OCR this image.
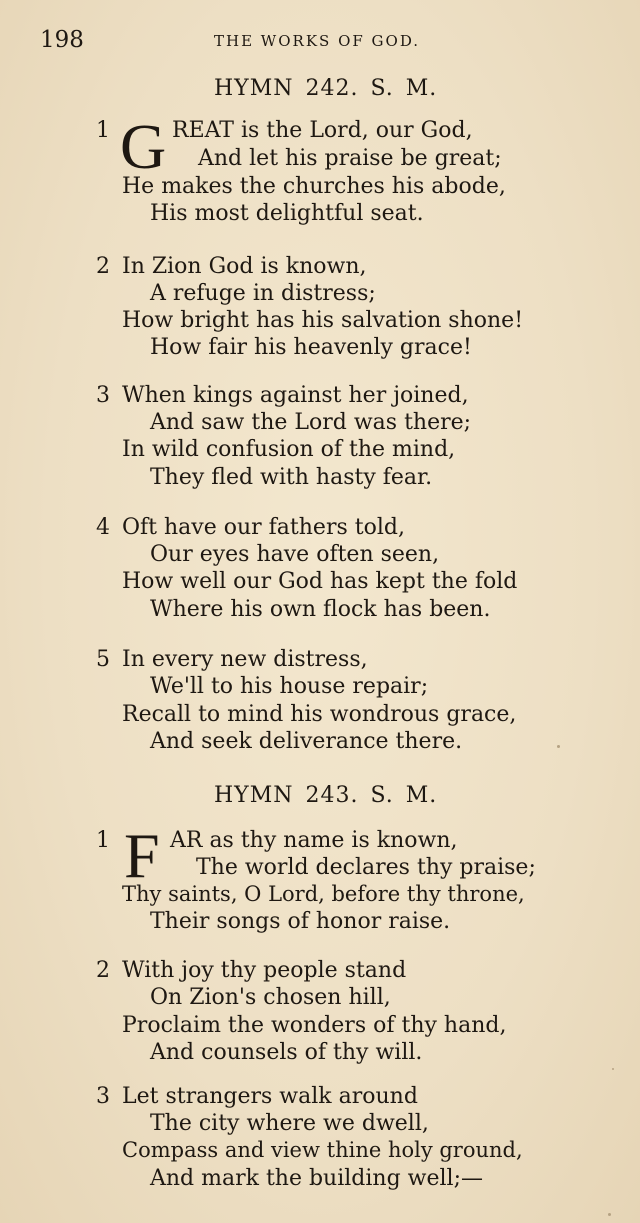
198	THE WORKS OF GOD.
HYMN 242. S. M.
1 G REAT is the Lord, our God,
And let his praise be great;
He makes the churches his abode,
His most delightful seat.
2 In Zion God is known,
A refuge in distress;
How bright has his salvation shone!
How fair his heavenly grace!
3 When kings against her joined,
And saw the Lord was there;
In wild confusion of the mind,
They fled with hasty fear.
4 Oft have our fathers told,
Our eyes have often seen,
How well our God has kept the fold
Where his own flock has been.
5 In every new distress,
We'll to his house repair;
Recall to mind his wondrous grace,
And seek deliverance there.
HYMN 243. S. M.
1 F AR as thy name is known,
The world declares thy praise;
Thy saints, O Lord, before thy throne,
Their songs of honor raise.
2 With joy thy people stand
On Zion's chosen hill,
Proclaim the wonders of thy hand,
And counsels of thy will.
3 Let strangers walk around
The city where we dwell,
Compass and view thine holy ground,
And mark the building well;—
